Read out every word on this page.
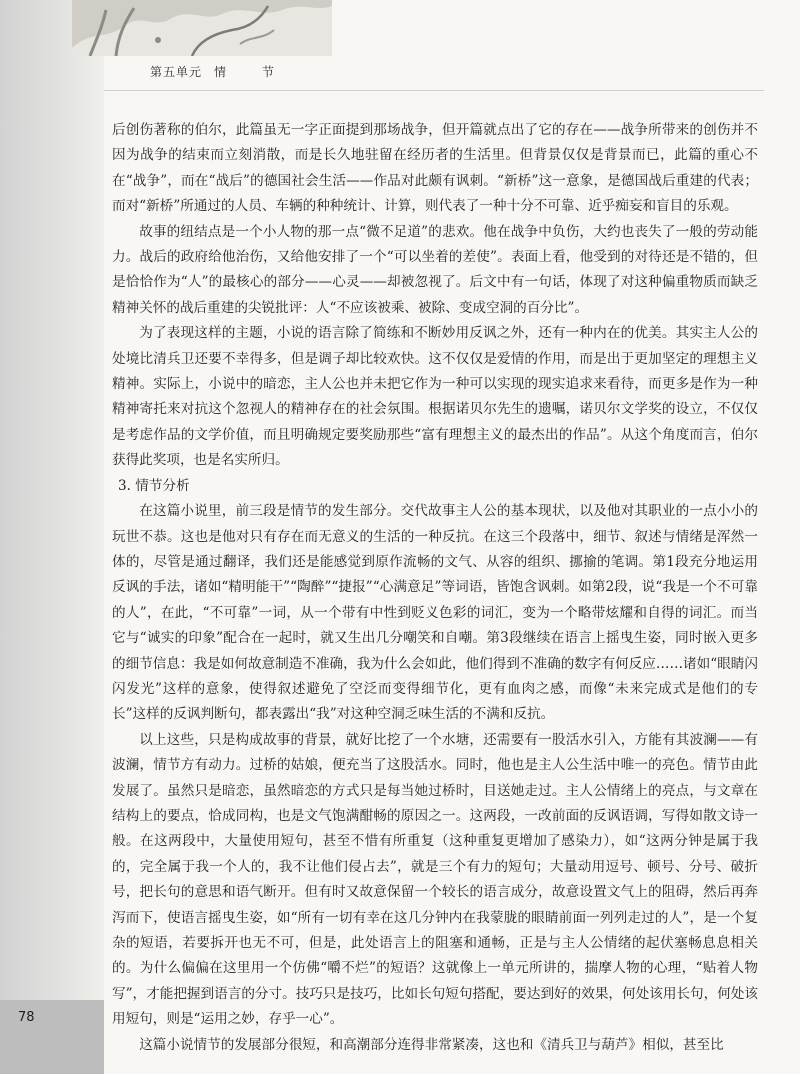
第五单元 情 节

后创伤著称的伯尔，此篇虽无一字正面提到那场战争，但开篇就点出了它的存在——战争所带来的创伤并不因为战争的结束而立刻消散，而是长久地驻留在经历者的生活里。但背景仅仅是背景而已，此篇的重心不在“战争”，而在“战后”的德国社会生活——作品对此颇有讽刺。“新桥”这一意象，是德国战后重建的代表；而对“新桥”所通过的人员、车辆的种种统计、计算，则代表了一种十分不可靠、近乎痴妄和盲目的乐观。

故事的纽结点是一个小人物的那一点“微不足道”的悲欢。他在战争中负伤，大约也丧失了一般的劳动能力。战后的政府给他治伤，又给他安排了一个“可以坐着的差使”。表面上看，他受到的对待还是不错的，但是恰恰作为“人”的最核心的部分——心灵——却被忽视了。后文中有一句话，体现了对这种偏重物质而缺乏精神关怀的战后重建的尖锐批评：人“不应该被乘、被除、变成空洞的百分比”。

为了表现这样的主题，小说的语言除了简练和不断妙用反讽之外，还有一种内在的优美。其实主人公的处境比清兵卫还要不幸得多，但是调子却比较欢快。这不仅仅是爱情的作用，而是出于更加坚定的理想主义精神。实际上，小说中的暗恋，主人公也并未把它作为一种可以实现的现实追求来看待，而更多是作为一种精神寄托来对抗这个忽视人的精神存在的社会氛围。根据诺贝尔先生的遗嘱，诺贝尔文学奖的设立，不仅仅是考虑作品的文学价值，而且明确规定要奖励那些“富有理想主义的最杰出的作品”。从这个角度而言，伯尔获得此奖项，也是名实所归。

3. 情节分析

在这篇小说里，前三段是情节的发生部分。交代故事主人公的基本现状，以及他对其职业的一点小小的玩世不恭。这也是他对只有存在而无意义的生活的一种反抗。在这三个段落中，细节、叙述与情绪是浑然一体的，尽管是通过翻译，我们还是能感觉到原作流畅的文气、从容的组织、挪揄的笔调。第1段充分地运用反讽的手法，诸如“精明能干”“陶醉”“捷报”“心满意足”等词语，皆饱含讽刺。如第2段，说“我是一个不可靠的人”，在此，“不可靠”一词，从一个带有中性到贬义色彩的词汇，变为一个略带炫耀和自得的词汇。而当它与“诚实的印象”配合在一起时，就又生出几分嘲笑和自嘲。第3段继续在语言上摇曳生姿，同时嵌入更多的细节信息：我是如何故意制造不准确，我为什么会如此，他们得到不准确的数字有何反应……诸如“眼睛闪闪发光”这样的意象，使得叙述避免了空泛而变得细节化，更有血肉之感，而像“未来完成式是他们的专长”这样的反讽判断句，都表露出“我”对这种空洞乏味生活的不满和反抗。

以上这些，只是构成故事的背景，就好比挖了一个水塘，还需要有一股活水引入，方能有其波澜——有波澜，情节方有动力。过桥的姑娘，便充当了这股活水。同时，他也是主人公生活中唯一的亮色。情节由此发展了。虽然只是暗恋，虽然暗恋的方式只是每当她过桥时，目送她走过。主人公情绪上的亮点，与文章在结构上的要点，恰成同构，也是文气饱满酣畅的原因之一。这两段，一改前面的反讽语调，写得如散文诗一般。在这两段中，大量使用短句，甚至不惜有所重复（这种重复更增加了感染力），如“这两分钟是属于我的，完全属于我一个人的，我不让他们侵占去”，就是三个有力的短句；大量动用逗号、顿号、分号、破折号，把长句的意思和语气断开。但有时又故意保留一个较长的语言成分，故意设置文气上的阻碍，然后再奔泻而下，使语言摇曳生姿，如“所有一切有幸在这几分钟内在我蒙胧的眼睛前面一列列走过的人”，是一个复杂的短语，若要拆开也无不可，但是，此处语言上的阻塞和通畅，正是与主人公情绪的起伏塞畅息息相关的。为什么偏偏在这里用一个仿佛“嚼不烂”的短语？这就像上一单元所讲的，揣摩人物的心理，“贴着人物写”，才能把握到语言的分寸。技巧只是技巧，比如长句短句搭配，要达到好的效果，何处该用长句，何处该用短句，则是“运用之妙，存乎一心”。

这篇小说情节的发展部分很短，和高潮部分连得非常紧凑，这也和《清兵卫与葫芦》相似，甚至比

78
